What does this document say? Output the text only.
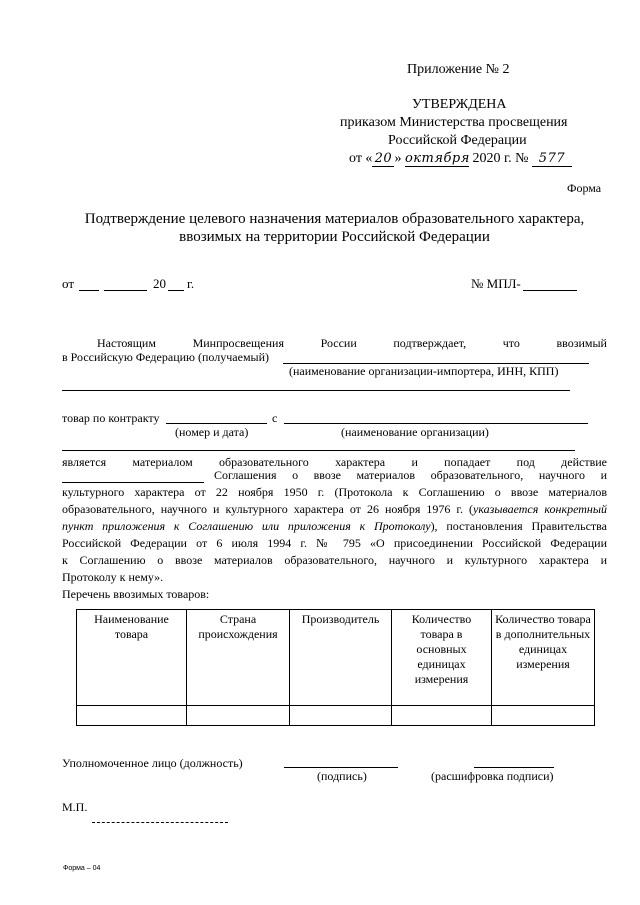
Приложение № 2
УТВЕРЖДЕНА
приказом Министерства просвещения
Российской Федерации
от « 20 » октября 2020 г. № 577
Форма
Подтверждение целевого назначения материалов образовательного характера,
ввозимых на территории Российской Федерации
от	20 г.	№ МПЛ-
Настоящим	Минпросвещения	России	подтверждает,	что	ввозимый
в Российскую Федерацию (получаемый)
(наименование организации-импортера, ИНН, КПП)
товар по контракту	с
(номер и дата)	(наименование организации)
является материалом образовательного характера и попадает под действие
Соглашения о ввозе материалов образовательного, научного и
культурного характера от 22 ноября 1950 г. (Протокола к Соглашению о ввозе материалов
образовательного, научного и культурного характера от 26 ноября 1976 г. (указывается конкретный
пункт приложения к Соглашению или приложения к Протоколу), постановления Правительства
Российской Федерации от 6 июля 1994 г. № 795 «О присоединении Российской Федерации
к Соглашению о ввозе материалов образовательного, научного и культурного характера и
Протоколу к нему».
Перечень ввозимых товаров:
Наименование товара	Страна происхождения	Производитель	Количество товара в основных единицах измерения	Количество товара в дополнительных единицах измерения

Уполномоченное лицо (должность)
(подпись)	(расшифровка подписи)
М.П.
Форма – 04
